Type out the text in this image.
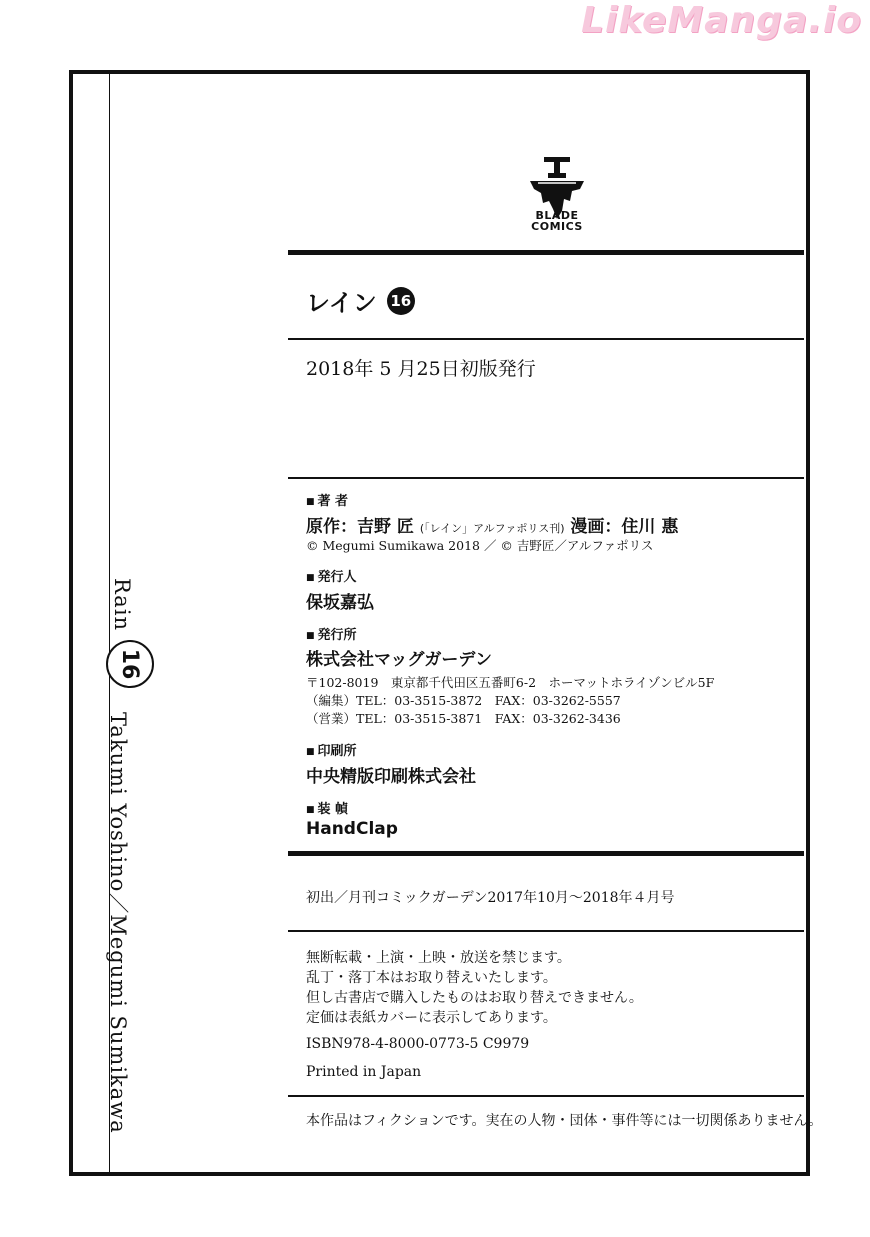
LikeManga.io
Rain
16
Takumi Yoshino／Megumi Sumikawa
BLADE
COMICS
レイン 16
2018年 5 月25日初版発行
■ 著 者
原作：吉野 匠 (「レイン」アルファポリス刊) 漫画：住川 惠
© Megumi Sumikawa 2018 ／ © 吉野匠／アルファポリス
■ 発行人
保坂嘉弘
■ 発行所
株式会社マッグガーデン
〒102-8019　東京都千代田区五番町6-2　ホーマットホライゾンビル5F
（編集）TEL：03-3515-3872　FAX：03-3262-5557
（営業）TEL：03-3515-3871　FAX：03-3262-3436
■ 印刷所
中央精版印刷株式会社
■ 装 幀
HandClap
初出／月刊コミックガーデン2017年10月～2018年４月号
無断転載・上演・上映・放送を禁じます。
乱丁・落丁本はお取り替えいたします。
但し古書店で購入したものはお取り替えできません。
定価は表紙カバーに表示してあります。
ISBN978-4-8000-0773-5 C9979
Printed in Japan
本作品はフィクションです。実在の人物・団体・事件等には一切関係ありません。
